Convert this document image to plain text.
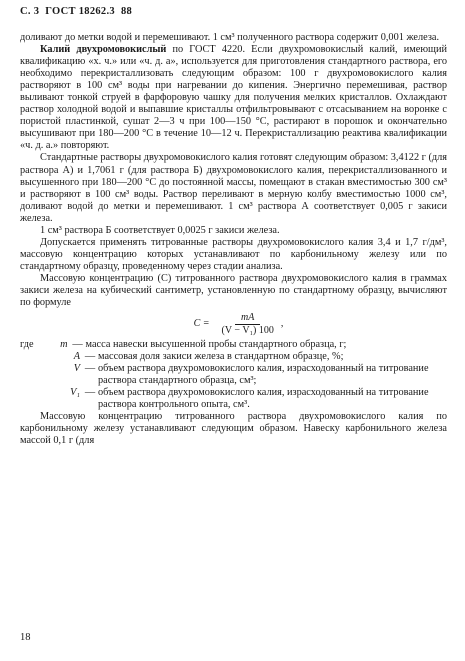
С. 3 ГОСТ 18262.3 88

доливают до метки водой и перемешивают. 1 см³ полученного раствора содержит 0,001 железа.

Калий двухромовокислый по ГОСТ 4220. Если двухромовокислый калий, имеющий квалификацию «х. ч.» или «ч. д. а», используется для приготовления стандартного раствора, его необходимо перекристаллизовать следующим образом: 100 г двухромовокислого калия растворяют в 100 см³ воды при нагревании до кипения. Энергично перемешивая, раствор выливают тонкой струей в фарфоровую чашку для получения мелких кристаллов. Охлаждают раствор холодной водой и выпавшие кристаллы отфильтровывают с отсасыванием на воронке с пористой пластинкой, сушат 2—3 ч при 100—150 °С, растирают в порошок и окончательно высушивают при 180—200 °С в течение 10—12 ч. Перекристаллизацию реактива квалификации «ч. д. а.» повторяют.

Стандартные растворы двухромовокислого калия готовят следующим образом: 3,4122 г (для раствора А) и 1,7061 г (для раствора Б) двухромовокислого калия, перекристаллизованного и высушенного при 180—200 °С до постоянной массы, помещают в стакан вместимостью 300 см³ и растворяют в 100 см³ воды. Раствор переливают в мерную колбу вместимостью 1000 см³, доливают водой до метки и перемешивают. 1 см³ раствора А соответствует 0,005 г закиси железа.

1 см³ раствора Б соответствует 0,0025 г закиси железа.

Допускается применять титрованные растворы двухромовокислого калия 3,4 и 1,7 г/дм³, массовую концентрацию которых устанавливают по карбонильному железу или по стандартному образцу, проведенному через стадии анализа.

Массовую концентрацию (С) титрованного раствора двухромовокислого калия в граммах закиси железа на кубический сантиметр, установленную по стандартному образцу, вычисляют по формуле

$C = \frac{mA}{\text{(V − V₁) 100}}$ ,
где	m — масса навески высушенной пробы стандартного образца, г;
A — массовая доля закиси железа в стандартном образце, %;
V — объем раствора двухромовокислого калия, израсходованный на титрование раствора стандартного образца, см³;
V₁ — объем раствора двухромовокислого калия, израсходованный на титрование раствора контрольного опыта, см³.

Массовую концентрацию титрованного раствора двухромовокислого калия по карбонильному железу устанавливают следующим образом. Навеску карбонильного железа массой 0,1 г (для

18
